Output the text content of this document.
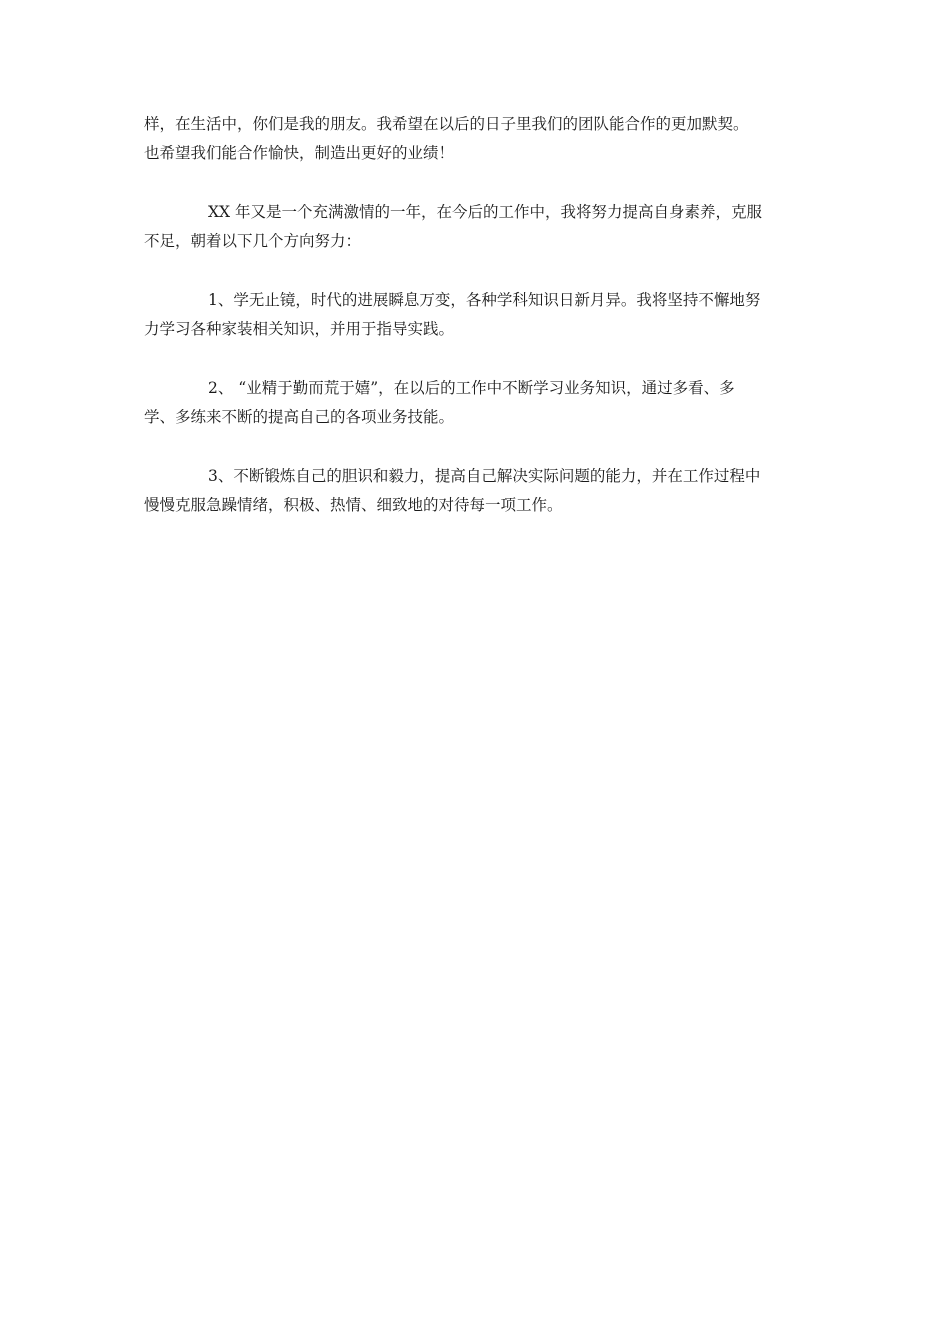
样，在生活中，你们是我的朋友。我希望在以后的日子里我们的团队能合作的更加默契。
也希望我们能合作愉快，制造出更好的业绩！

XX 年又是一个充满激情的一年，在今后的工作中，我将努力提高自身素养，克服
不足，朝着以下几个方向努力：

1、学无止镜，时代的进展瞬息万变，各种学科知识日新月异。我将坚持不懈地努
力学习各种家装相关知识，并用于指导实践。

2、 “业精于勤而荒于嬉”，在以后的工作中不断学习业务知识，通过多看、多
学、多练来不断的提高自己的各项业务技能。

3、不断锻炼自己的胆识和毅力，提高自己解决实际问题的能力，并在工作过程中
慢慢克服急躁情绪，积极、热情、细致地的对待每一项工作。
